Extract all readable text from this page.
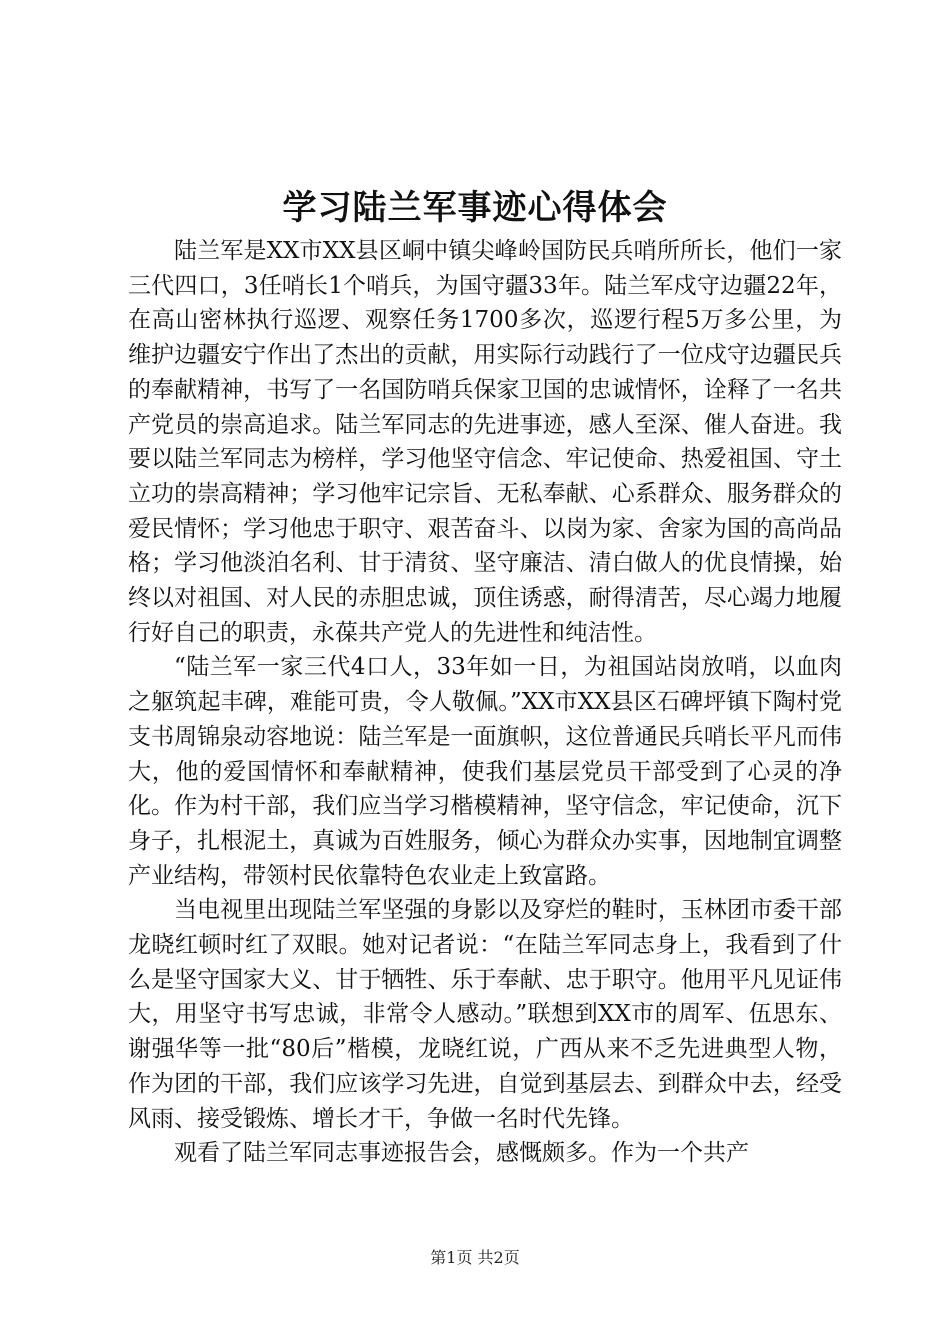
学习陆兰军事迹心得体会

陆兰军是XX市XX县区峒中镇尖峰岭国防民兵哨所所长，他们一家三代四口，3任哨长1个哨兵，为国守疆33年。陆兰军戍守边疆22年，在高山密林执行巡逻、观察任务1700多次，巡逻行程5万多公里，为维护边疆安宁作出了杰出的贡献，用实际行动践行了一位戍守边疆民兵的奉献精神，书写了一名国防哨兵保家卫国的忠诚情怀，诠释了一名共产党员的崇高追求。陆兰军同志的先进事迹，感人至深、催人奋进。我要以陆兰军同志为榜样，学习他坚守信念、牢记使命、热爱祖国、守土立功的崇高精神；学习他牢记宗旨、无私奉献、心系群众、服务群众的爱民情怀；学习他忠于职守、艰苦奋斗、以岗为家、舍家为国的高尚品格；学习他淡泊名利、甘于清贫、坚守廉洁、清白做人的优良情操，始终以对祖国、对人民的赤胆忠诚，顶住诱惑，耐得清苦，尽心竭力地履行好自己的职责，永葆共产党人的先进性和纯洁性。

“陆兰军一家三代4口人，33年如一日，为祖国站岗放哨，以血肉之躯筑起丰碑，难能可贵，令人敬佩。”XX市XX县区石碑坪镇下陶村党支书周锦泉动容地说：陆兰军是一面旗帜，这位普通民兵哨长平凡而伟大，他的爱国情怀和奉献精神，使我们基层党员干部受到了心灵的净化。作为村干部，我们应当学习楷模精神，坚守信念，牢记使命，沉下身子，扎根泥土，真诚为百姓服务，倾心为群众办实事，因地制宜调整产业结构，带领村民依靠特色农业走上致富路。

当电视里出现陆兰军坚强的身影以及穿烂的鞋时，玉林团市委干部龙晓红顿时红了双眼。她对记者说：“在陆兰军同志身上，我看到了什么是坚守国家大义、甘于牺牲、乐于奉献、忠于职守。他用平凡见证伟大，用坚守书写忠诚，非常令人感动。”联想到XX市的周军、伍思东、谢强华等一批“80后”楷模，龙晓红说，广西从来不乏先进典型人物，作为团的干部，我们应该学习先进，自觉到基层去、到群众中去，经受风雨、接受锻炼、增长才干，争做一名时代先锋。

观看了陆兰军同志事迹报告会，感慨颇多。作为一个共产

第1页 共2页
